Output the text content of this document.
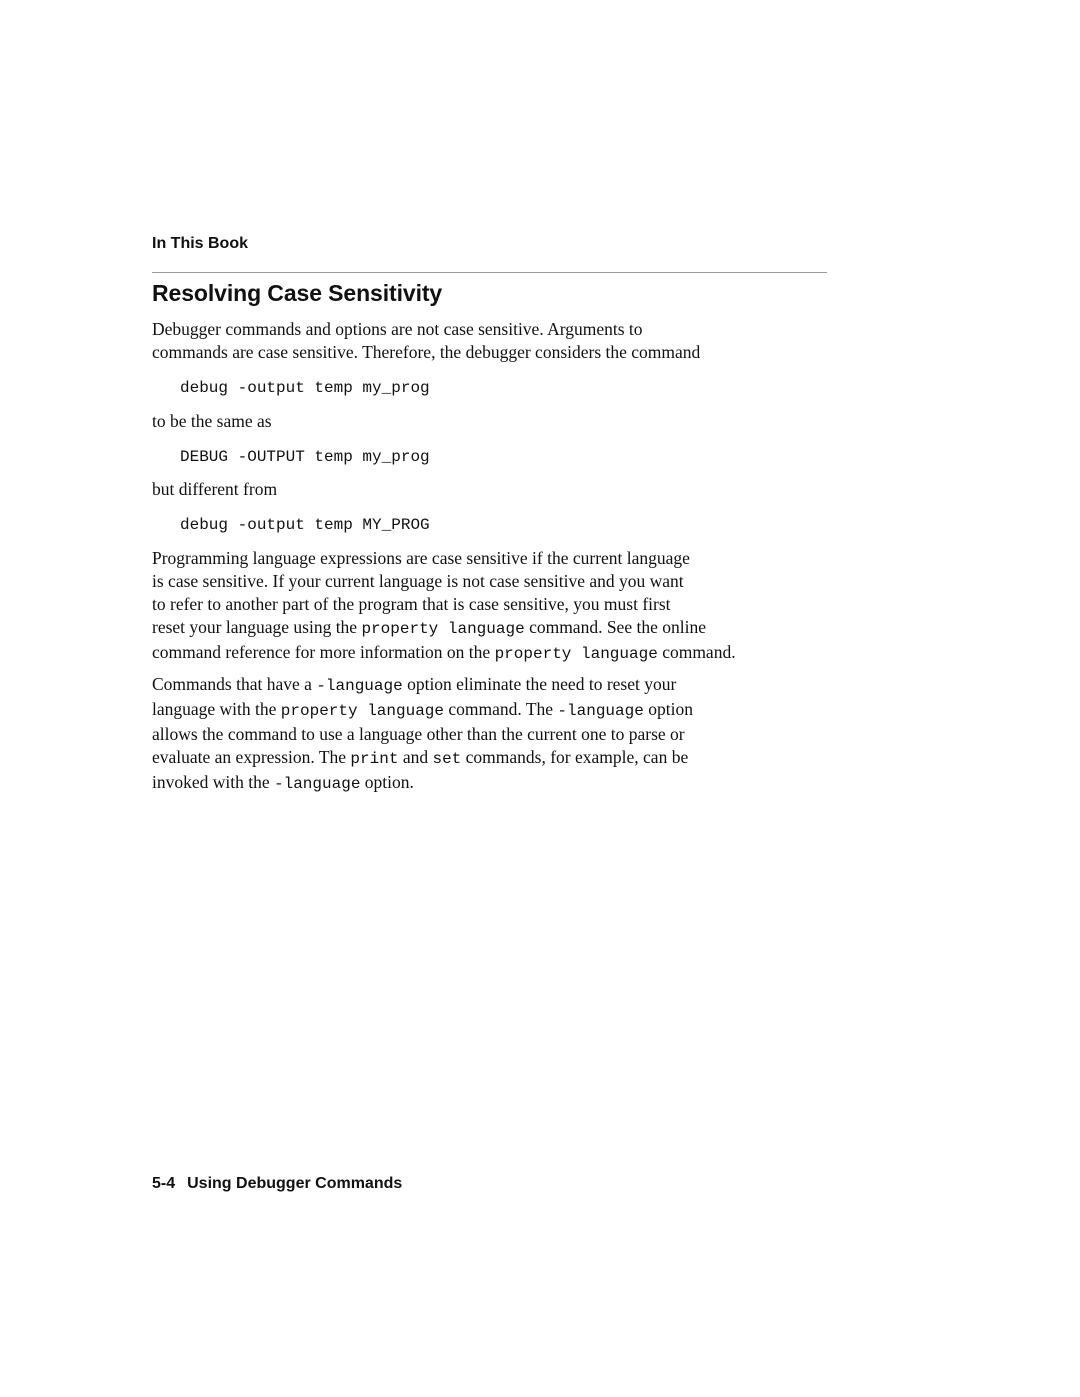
In This Book

Resolving Case Sensitivity

Debugger commands and options are not case sensitive. Arguments to
commands are case sensitive. Therefore, the debugger considers the command

debug -output temp my_prog

to be the same as

DEBUG -OUTPUT temp my_prog

but different from

debug -output temp MY_PROG

Programming language expressions are case sensitive if the current language
is case sensitive. If your current language is not case sensitive and you want
to refer to another part of the program that is case sensitive, you must first
reset your language using the property language command. See the online
command reference for more information on the property language command.

Commands that have a -language option eliminate the need to reset your
language with the property language command. The -language option
allows the command to use a language other than the current one to parse or
evaluate an expression. The print and set commands, for example, can be
invoked with the -language option.

5-4 Using Debugger Commands
